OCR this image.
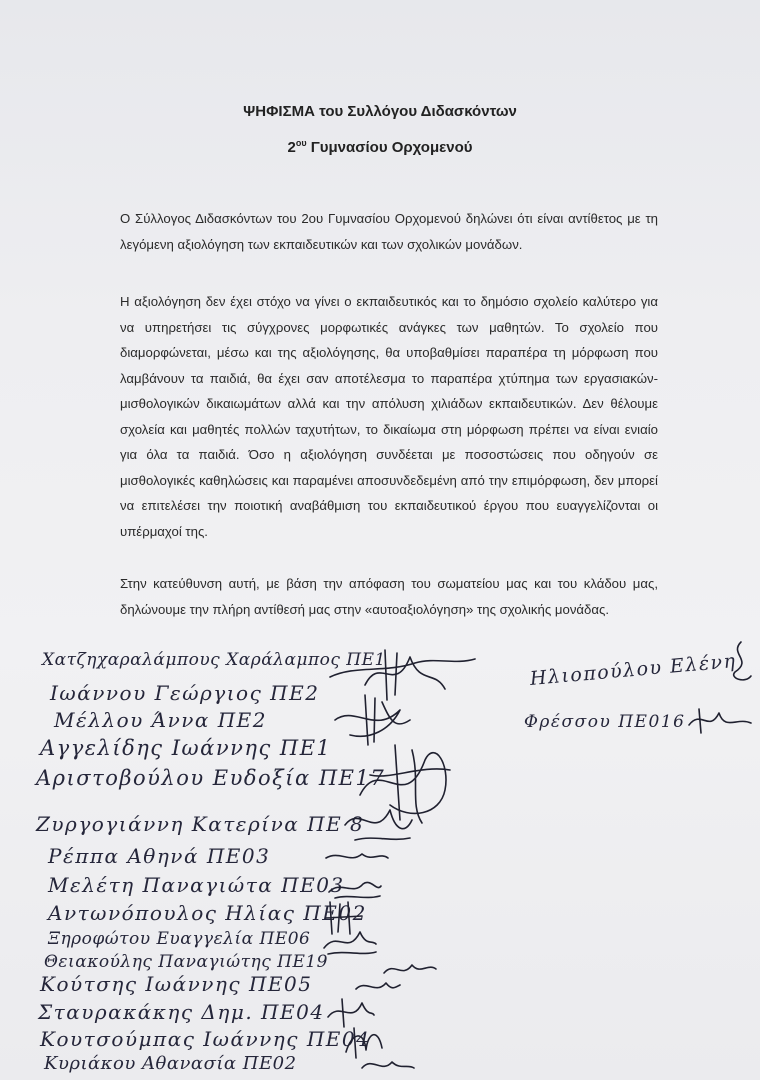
ΨΗΦΙΣΜΑ του Συλλόγου Διδασκόντων
$2^{o\upsilon}$ Γυμνασίου Ορχομενού

Ο Σύλλογος Διδασκόντων του 2ου Γυμνασίου Ορχομενού δηλώνει ότι είναι αντίθετος με τη λεγόμενη αξιολόγηση των εκπαιδευτικών και των σχολικών μονάδων.

Η αξιολόγηση δεν έχει στόχο να γίνει ο εκπαιδευτικός και το δημόσιο σχολείο καλύτερο για να υπηρετήσει τις σύγχρονες μορφωτικές ανάγκες των μαθητών. Το σχολείο που διαμορφώνεται, μέσω και της αξιολόγησης, θα υποβαθμίσει παραπέρα τη μόρφωση που λαμβάνουν τα παιδιά, θα έχει σαν αποτέλεσμα το παραπέρα χτύπημα των εργασιακών-μισθολογικών δικαιωμάτων αλλά και την απόλυση χιλιάδων εκπαιδευτικών. Δεν θέλουμε σχολεία και μαθητές πολλών ταχυτήτων, το δικαίωμα στη μόρφωση πρέπει να είναι ενιαίο για όλα τα παιδιά. Όσο η αξιολόγηση συνδέεται με ποσοστώσεις που οδηγούν σε μισθολογικές καθηλώσεις και παραμένει αποσυνδεδεμένη από την επιμόρφωση, δεν μπορεί να επιτελέσει την ποιοτική αναβάθμιση του εκπαιδευτικού έργου που ευαγγελίζονται οι υπέρμαχοί της.

Στην κατεύθυνση αυτή, με βάση την απόφαση του σωματείου μας και του κλάδου μας, δηλώνουμε την πλήρη αντίθεσή μας στην «αυτοαξιολόγηση» της σχολικής μονάδας.

Χατζηχαραλάμπους Χαράλαμπος ΠΕ1
Ιωάννου Γεώργιος ΠΕ2
Μέλλου Άννα ΠΕ2
Αγγελίδης Ιωάννης ΠΕ1
Αριστοβούλου Ευδοξία ΠΕ17
Ζυργογιάννη Κατερίνα ΠΕ 8
Ρέππα Αθηνά ΠΕ03
Μελέτη Παναγιώτα ΠΕ03
Αντωνόπουλος Ηλίας ΠΕ02
Ξηροφώτου Ευαγγελία ΠΕ06
Θειακούλης Παναγιώτης ΠΕ19
Κούτσης Ιωάννης ΠΕ05
Σταυρακάκης Δημ. ΠΕ04
Κουτσούμπας Ιωάννης ΠΕ04
Κυριάκου Αθανασία ΠΕ02
Ηλιοπούλου Ελένη
Φρέσσου ΠΕ016
